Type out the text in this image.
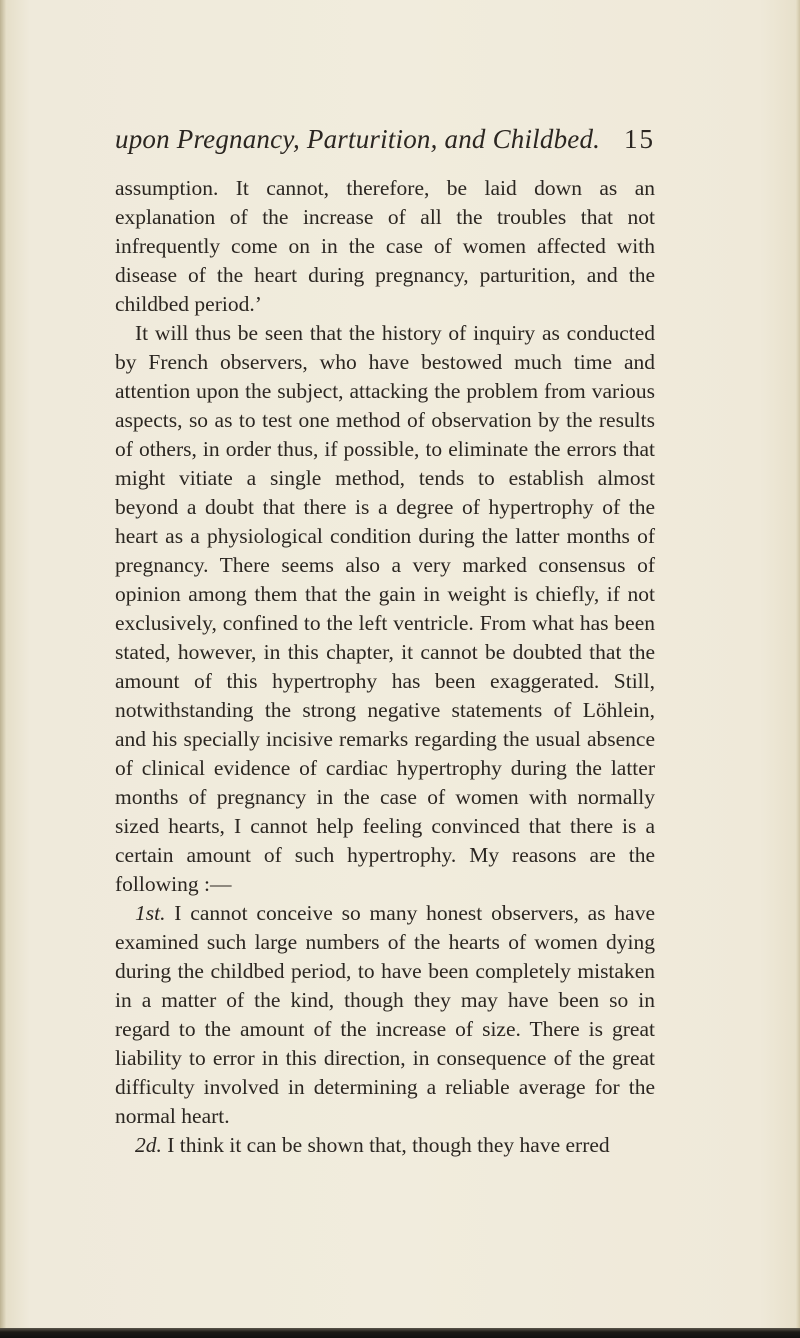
upon Pregnancy, Parturition, and Childbed. 15

assumption. It cannot, therefore, be laid down as an explanation of the increase of all the troubles that not infrequently come on in the case of women affected with disease of the heart during pregnancy, parturition, and the childbed period.’

It will thus be seen that the history of inquiry as conducted by French observers, who have bestowed much time and attention upon the subject, attacking the problem from various aspects, so as to test one method of observation by the results of others, in order thus, if possible, to eliminate the errors that might vitiate a single method, tends to establish almost beyond a doubt that there is a degree of hypertrophy of the heart as a physiological condition during the latter months of pregnancy. There seems also a very marked consensus of opinion among them that the gain in weight is chiefly, if not exclusively, confined to the left ventricle. From what has been stated, however, in this chapter, it cannot be doubted that the amount of this hypertrophy has been exaggerated. Still, notwithstanding the strong negative statements of Löhlein, and his specially incisive remarks regarding the usual absence of clinical evidence of cardiac hypertrophy during the latter months of pregnancy in the case of women with normally sized hearts, I cannot help feeling convinced that there is a certain amount of such hypertrophy. My reasons are the following :—

1st. I cannot conceive so many honest observers, as have examined such large numbers of the hearts of women dying during the childbed period, to have been completely mistaken in a matter of the kind, though they may have been so in regard to the amount of the increase of size. There is great liability to error in this direction, in consequence of the great difficulty involved in determining a reliable average for the normal heart.

2d. I think it can be shown that, though they have erred
